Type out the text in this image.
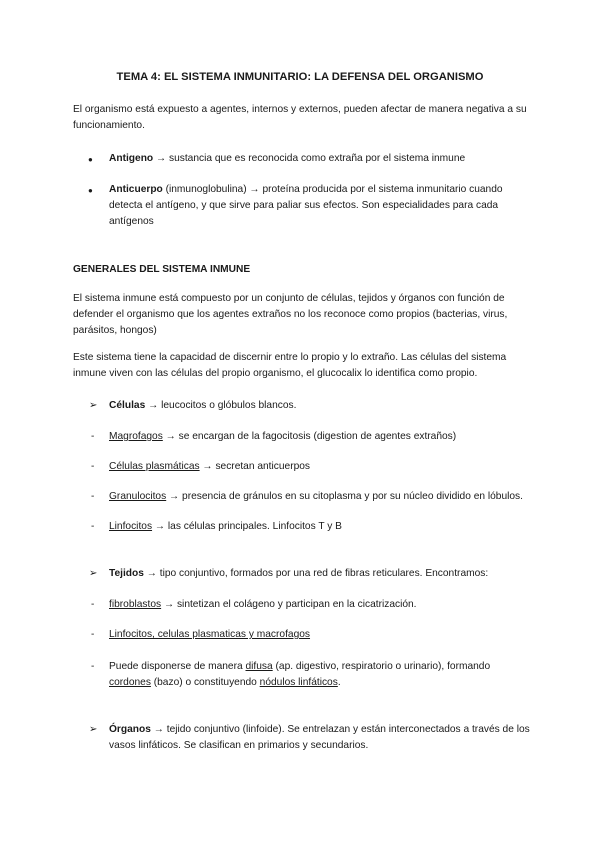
TEMA 4: EL SISTEMA INMUNITARIO: LA DEFENSA DEL ORGANISMO

El organismo está expuesto a agentes, internos y externos, pueden afectar de manera negativa a su

funcionamiento.

● Antigeno → sustancia que es reconocida como extraña por el sistema inmune

● Anticuerpo (inmunoglobulina) → proteína producida por el sistema inmunitario cuando

detecta el antígeno, y que sirve para paliar sus efectos. Son especialidades para cada

antígenos

GENERALES DEL SISTEMA INMUNE

El sistema inmune está compuesto por un conjunto de células, tejidos y órganos con función de

defender el organismo que los agentes extraños no los reconoce como propios (bacterias, virus,

parásitos, hongos)

Este sistema tiene la capacidad de discernir entre lo propio y lo extraño. Las células del sistema

inmune viven con las células del propio organismo, el glucocalix lo identifica como propio.

➢ Células → leucocitos o glóbulos blancos.

- Magrofagos → se encargan de la fagocitosis (digestion de agentes extraños)

- Células plasmáticas → secretan anticuerpos

- Granulocitos → presencia de gránulos en su citoplasma y por su núcleo dividido en lóbulos.

- Linfocitos → las células principales. Linfocitos T y B

➢ Tejidos → tipo conjuntivo, formados por una red de fibras reticulares. Encontramos:

- fibroblastos → sintetizan el colágeno y participan en la cicatrización.

- Linfocitos, celulas plasmaticas y macrofagos

- Puede disponerse de manera difusa (ap. digestivo, respiratorio o urinario), formando

cordones (bazo) o constituyendo nódulos linfáticos.

➢ Órganos → tejido conjuntivo (linfoide). Se entrelazan y están interconectados a través de los

vasos linfáticos. Se clasifican en primarios y secundarios.
